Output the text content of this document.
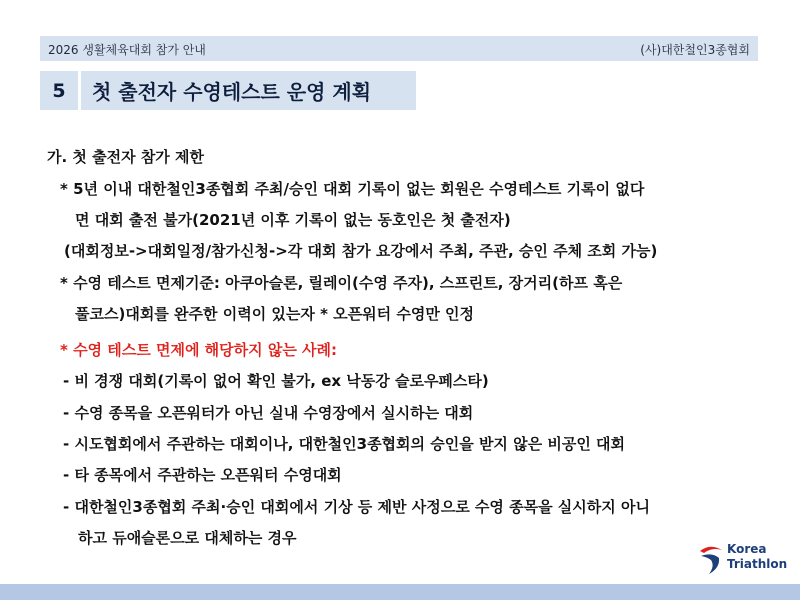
2026 생활체육대회 참가 안내	(사)대한철인3종협회
5	첫 출전자 수영테스트 운영 계획
가. 첫 출전자 참가 제한
* 5년 이내 대한철인3종협회 주최/승인 대회 기록이 없는 회원은 수영테스트 기록이 없다
면 대회 출전 불가(2021년 이후 기록이 없는 동호인은 첫 출전자)
(대회정보->대회일정/참가신청->각 대회 참가 요강에서 주최, 주관, 승인 주체 조회 가능)
* 수영 테스트 면제기준: 아쿠아슬론, 릴레이(수영 주자), 스프린트, 장거리(하프 혹은
풀코스)대회를 완주한 이력이 있는자 * 오픈워터 수영만 인정
* 수영 테스트 면제에 해당하지 않는 사례:
- 비 경쟁 대회(기록이 없어 확인 불가, ex 낙동강 슬로우페스타)
- 수영 종목을 오픈워터가 아닌 실내 수영장에서 실시하는 대회
- 시도협회에서 주관하는 대회이나, 대한철인3종협회의 승인을 받지 않은 비공인 대회
- 타 종목에서 주관하는 오픈워터 수영대회
- 대한철인3종협회 주최·승인 대회에서 기상 등 제반 사정으로 수영 종목을 실시하지 아니
하고 듀애슬론으로 대체하는 경우
Korea
Triathlon
